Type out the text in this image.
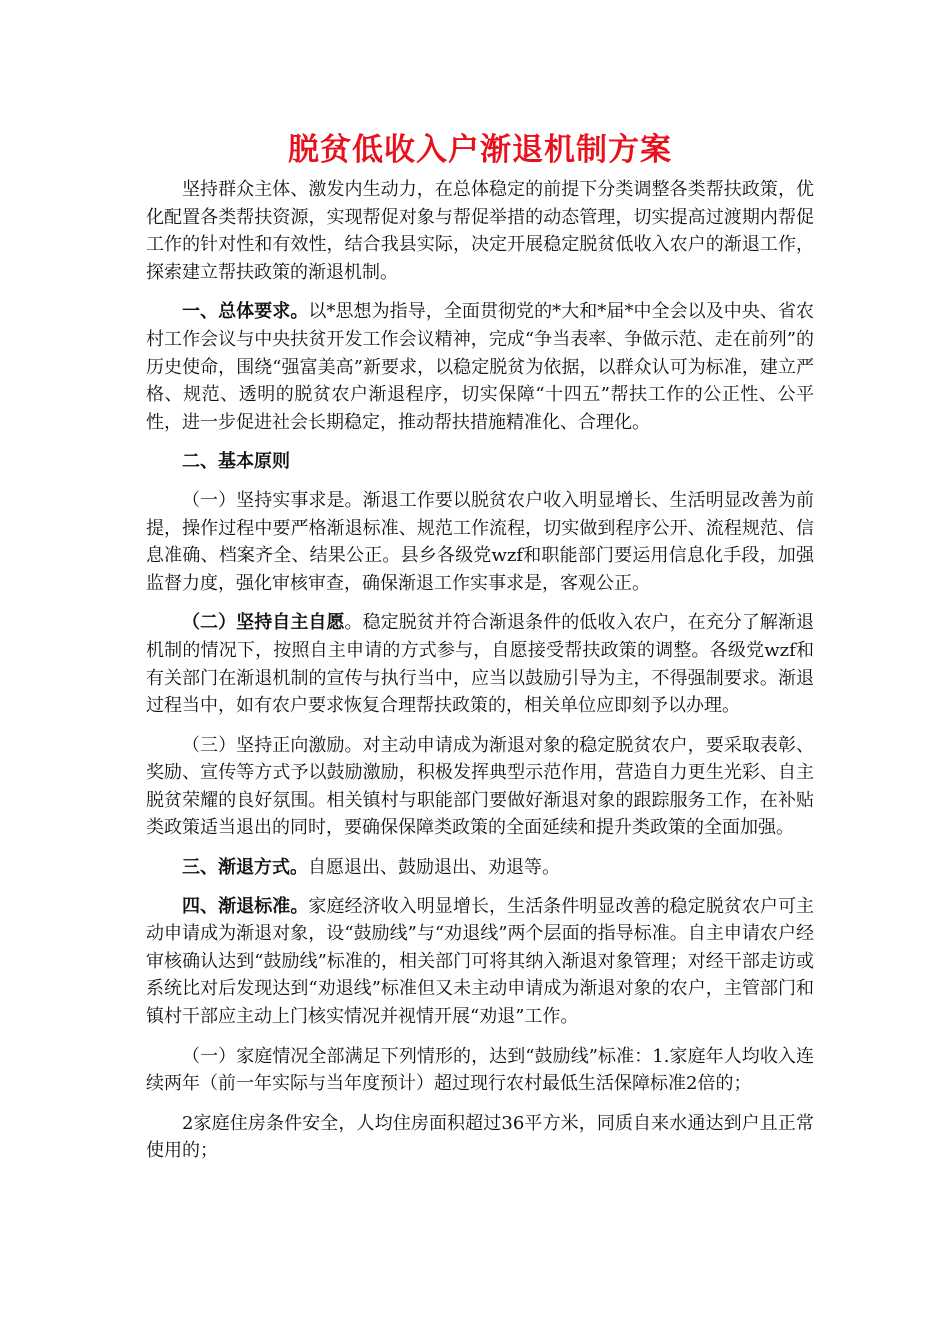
脱贫低收入户渐退机制方案

坚持群众主体、激发内生动力，在总体稳定的前提下分类调整各类帮扶政策，优化配置各类帮扶资源，实现帮促对象与帮促举措的动态管理，切实提高过渡期内帮促工作的针对性和有效性，结合我县实际，决定开展稳定脱贫低收入农户的渐退工作，探索建立帮扶政策的渐退机制。

一、总体要求。以*思想为指导，全面贯彻党的*大和*届*中全会以及中央、省农村工作会议与中央扶贫开发工作会议精神，完成“争当表率、争做示范、走在前列”的历史使命，围绕“强富美高”新要求，以稳定脱贫为依据，以群众认可为标准，建立严格、规范、透明的脱贫农户渐退程序，切实保障“十四五”帮扶工作的公正性、公平性，进一步促进社会长期稳定，推动帮扶措施精准化、合理化。

二、基本原则

（一）坚持实事求是。渐退工作要以脱贫农户收入明显增长、生活明显改善为前提，操作过程中要严格渐退标准、规范工作流程，切实做到程序公开、流程规范、信息准确、档案齐全、结果公正。县乡各级党wzf和职能部门要运用信息化手段，加强监督力度，强化审核审查，确保渐退工作实事求是，客观公正。

（二）坚持自主自愿。稳定脱贫并符合渐退条件的低收入农户，在充分了解渐退机制的情况下，按照自主申请的方式参与，自愿接受帮扶政策的调整。各级党wzf和有关部门在渐退机制的宣传与执行当中，应当以鼓励引导为主，不得强制要求。渐退过程当中，如有农户要求恢复合理帮扶政策的，相关单位应即刻予以办理。

（三）坚持正向激励。对主动申请成为渐退对象的稳定脱贫农户，要采取表彰、奖励、宣传等方式予以鼓励激励，积极发挥典型示范作用，营造自力更生光彩、自主脱贫荣耀的良好氛围。相关镇村与职能部门要做好渐退对象的跟踪服务工作，在补贴类政策适当退出的同时，要确保保障类政策的全面延续和提升类政策的全面加强。

三、渐退方式。自愿退出、鼓励退出、劝退等。

四、渐退标准。家庭经济收入明显增长，生活条件明显改善的稳定脱贫农户可主动申请成为渐退对象，设“鼓励线”与“劝退线”两个层面的指导标准。自主申请农户经审核确认达到“鼓励线”标准的，相关部门可将其纳入渐退对象管理；对经干部走访或系统比对后发现达到“劝退线”标准但又未主动申请成为渐退对象的农户，主管部门和镇村干部应主动上门核实情况并视情开展“劝退”工作。

（一）家庭情况全部满足下列情形的，达到“鼓励线”标准：1.家庭年人均收入连续两年（前一年实际与当年度预计）超过现行农村最低生活保障标准2倍的；

2家庭住房条件安全，人均住房面积超过36平方米，同质自来水通达到户且正常使用的；
